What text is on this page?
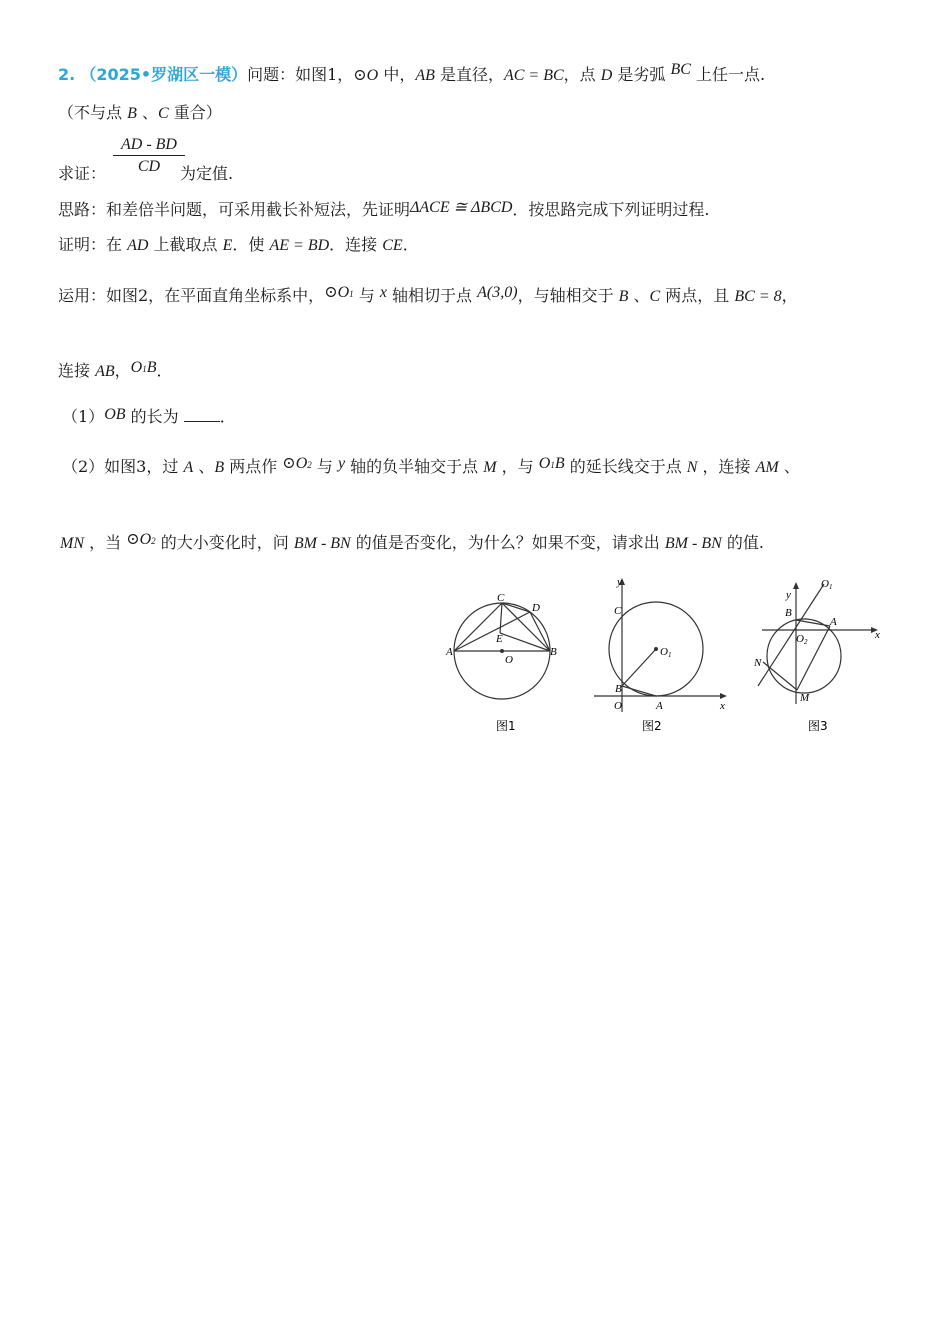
2. （2025•罗湖区一模）问题：如图1，⊙O 中，AB 是直径，AC = BC，点 D 是劣弧 BC 上任一点.
（不与点 B 、C 重合）
$\frac{AD - BD}{CD}$
求证：	为定值.
思路：和差倍半问题，可采用截长补短法，先证明ΔACE ≅ ΔBCD．按思路完成下列证明过程.
证明：在 AD 上截取点 E．使 AE = BD．连接 CE．
运用：如图2，在平面直角坐标系中，⊙O1 与 x 轴相切于点 A(3,0)，与轴相交于 B 、C 两点，且 BC = 8，
连接 AB，O1B．
（1）OB 的长为 ．
（2）如图3，过 A 、B 两点作 ⊙O2 与 y 轴的负半轴交于点 M ，与 O1B 的延长线交于点 N ，连接 AM 、
MN ，当 ⊙O2 的大小变化时，问 BM - BN 的值是否变化，为什么？如果不变，请求出 BM - BN 的值.
A	B
C
D
E
O
图1
y
x
C
O1
B
O	A
图2
y
x
O1
B
A
O2
N
M
图3
